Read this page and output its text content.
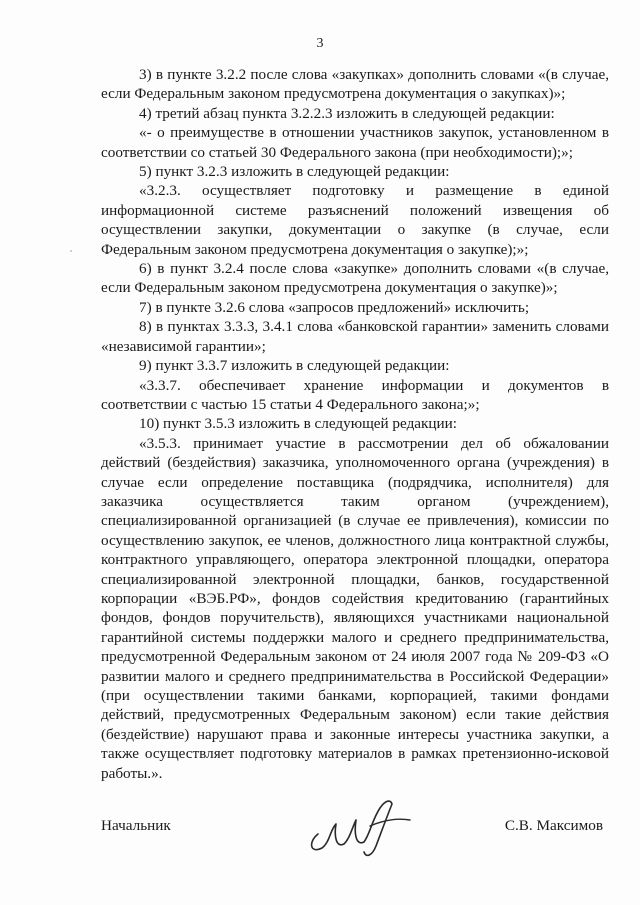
3

3) в пункте 3.2.2 после слова «закупках» дополнить словами «(в случае, если Федеральным законом предусмотрена документация о закупках)»;

4) третий абзац пункта 3.2.2.3 изложить в следующей редакции:

«- о преимуществе в отношении участников закупок, установленном в соответствии со статьей 30 Федерального закона (при необходимости);»;

5) пункт 3.2.3 изложить в следующей редакции:

«3.2.3. осуществляет подготовку и размещение в единой информационной системе разъяснений положений извещения об осуществлении закупки, документации о закупке (в случае, если Федеральным законом предусмотрена документация о закупке);»;

6) в пункт 3.2.4 после слова «закупке» дополнить словами «(в случае, если Федеральным законом предусмотрена документация о закупке)»;

7) в пункте 3.2.6 слова «запросов предложений» исключить;

8) в пунктах 3.3.3, 3.4.1 слова «банковской гарантии» заменить словами «независимой гарантии»;

9) пункт 3.3.7 изложить в следующей редакции:

«3.3.7. обеспечивает хранение информации и документов в соответствии с частью 15 статьи 4 Федерального закона;»;

10) пункт 3.5.3 изложить в следующей редакции:

«3.5.3. принимает участие в рассмотрении дел об обжаловании действий (бездействия) заказчика, уполномоченного органа (учреждения) в случае если определение поставщика (подрядчика, исполнителя) для заказчика осуществляется таким органом (учреждением), специализированной организацией (в случае ее привлечения), комиссии по осуществлению закупок, ее членов, должностного лица контрактной службы, контрактного управляющего, оператора электронной площадки, оператора специализированной электронной площадки, банков, государственной корпорации «ВЭБ.РФ», фондов содействия кредитованию (гарантийных фондов, фондов поручительств), являющихся участниками национальной гарантийной системы поддержки малого и среднего предпринимательства, предусмотренной Федеральным законом от 24 июля 2007 года № 209-ФЗ «О развитии малого и среднего предпринимательства в Российской Федерации» (при осуществлении такими банками, корпорацией, такими фондами действий, предусмотренных Федеральным законом) если такие действия (бездействие) нарушают права и законные интересы участника закупки, а также осуществляет подготовку материалов в рамках претензионно-исковой работы.».

Начальник	С.В. Максимов
